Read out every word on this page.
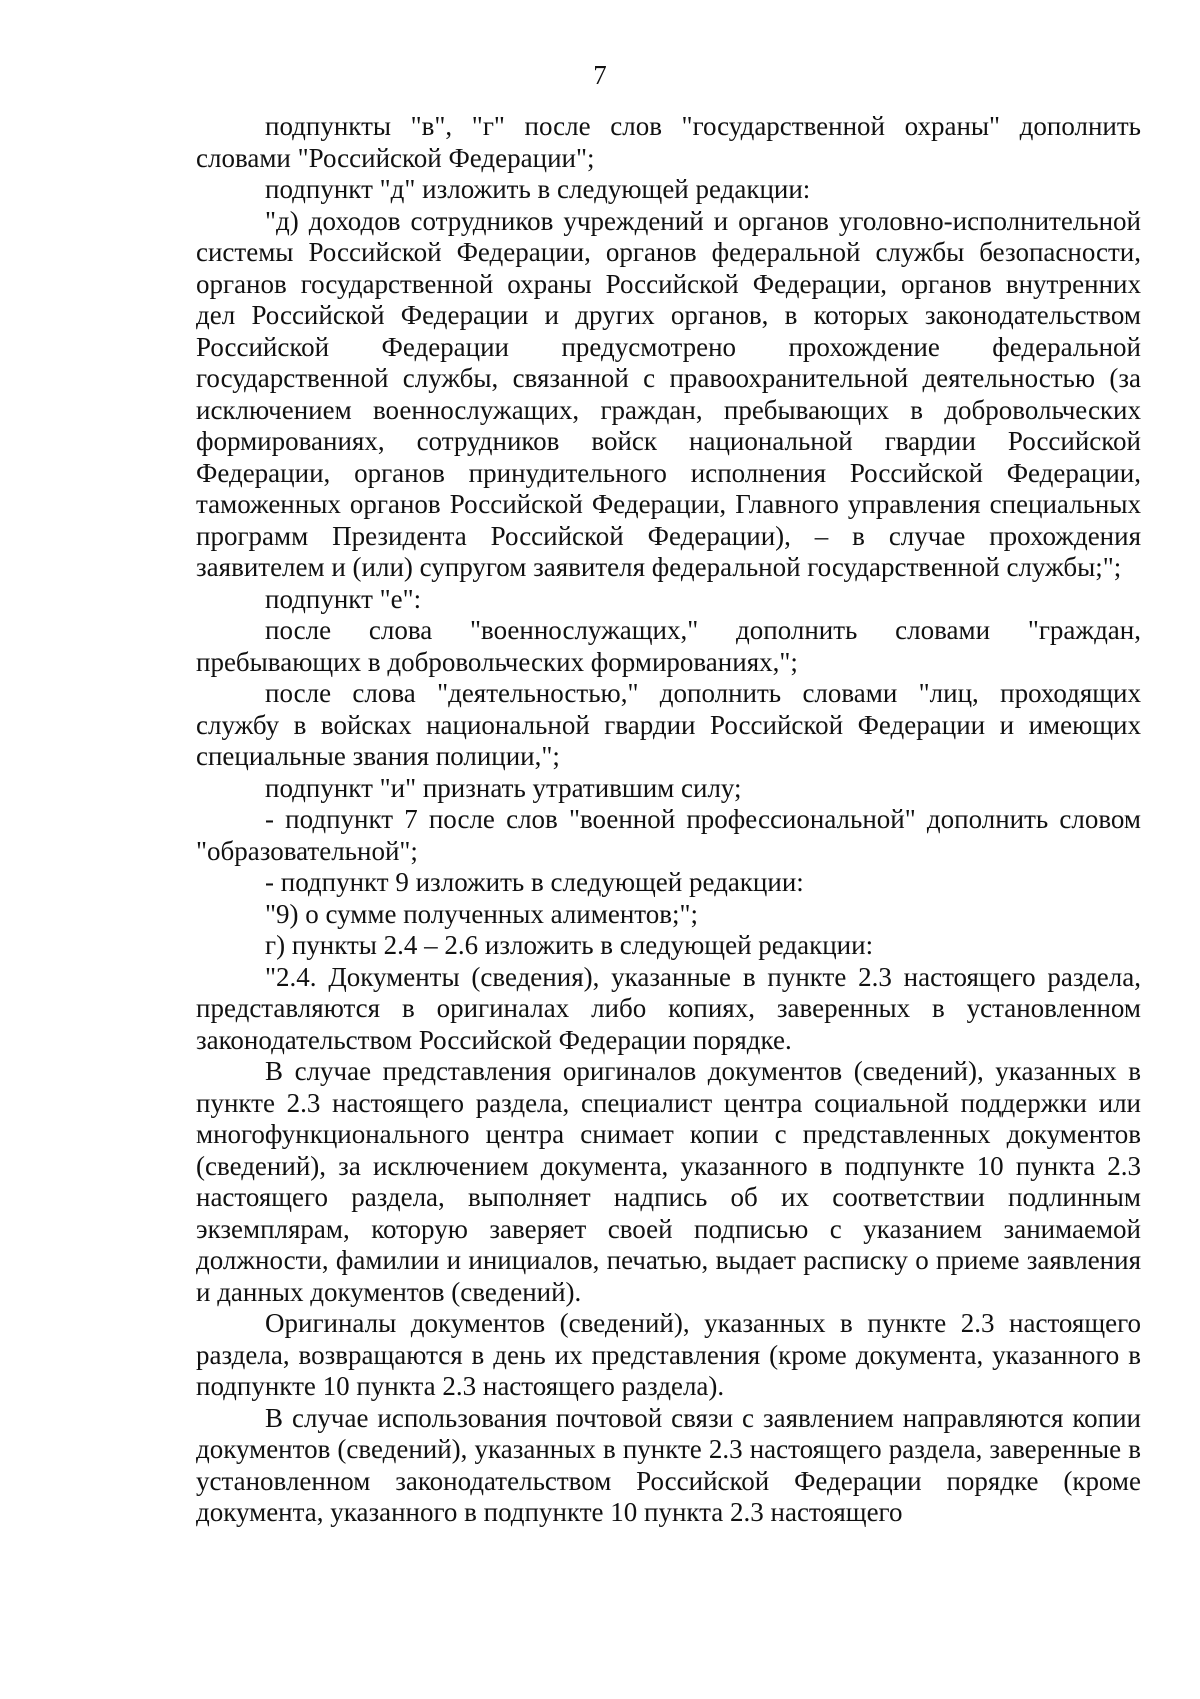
7

подпункты "в", "г" после слов "государственной охраны" дополнить словами "Российской Федерации";

подпункт "д" изложить в следующей редакции:

"д) доходов сотрудников учреждений и органов уголовно-исполнительной системы Российской Федерации, органов федеральной службы безопасности, органов государственной охраны Российской Федерации, органов внутренних дел Российской Федерации и других органов, в которых законодательством Российской Федерации предусмотрено прохождение федеральной государственной службы, связанной с правоохранительной деятельностью (за исключением военнослужащих, граждан, пребывающих в добровольческих формированиях, сотрудников войск национальной гвардии Российской Федерации, органов принудительного исполнения Российской Федерации, таможенных органов Российской Федерации, Главного управления специальных программ Президента Российской Федерации), – в случае прохождения заявителем и (или) супругом заявителя федеральной государственной службы;";

подпункт "е":

после слова "военнослужащих," дополнить словами "граждан, пребывающих в добровольческих формированиях,";

после слова "деятельностью," дополнить словами "лиц, проходящих службу в войсках национальной гвардии Российской Федерации и имеющих специальные звания полиции,";

подпункт "и" признать утратившим силу;

- подпункт 7 после слов "военной профессиональной" дополнить словом "образовательной";

- подпункт 9 изложить в следующей редакции:

"9) о сумме полученных алиментов;";

г) пункты 2.4 – 2.6 изложить в следующей редакции:

"2.4. Документы (сведения), указанные в пункте 2.3 настоящего раздела, представляются в оригиналах либо копиях, заверенных в установленном законодательством Российской Федерации порядке.

В случае представления оригиналов документов (сведений), указанных в пункте 2.3 настоящего раздела, специалист центра социальной поддержки или многофункционального центра снимает копии с представленных документов (сведений), за исключением документа, указанного в подпункте 10 пункта 2.3 настоящего раздела, выполняет надпись об их соответствии подлинным экземплярам, которую заверяет своей подписью с указанием занимаемой должности, фамилии и инициалов, печатью, выдает расписку о приеме заявления и данных документов (сведений).

Оригиналы документов (сведений), указанных в пункте 2.3 настоящего раздела, возвращаются в день их представления (кроме документа, указанного в подпункте 10 пункта 2.3 настоящего раздела).

В случае использования почтовой связи с заявлением направляются копии документов (сведений), указанных в пункте 2.3 настоящего раздела, заверенные в установленном законодательством Российской Федерации порядке (кроме документа, указанного в подпункте 10 пункта 2.3 настоящего
